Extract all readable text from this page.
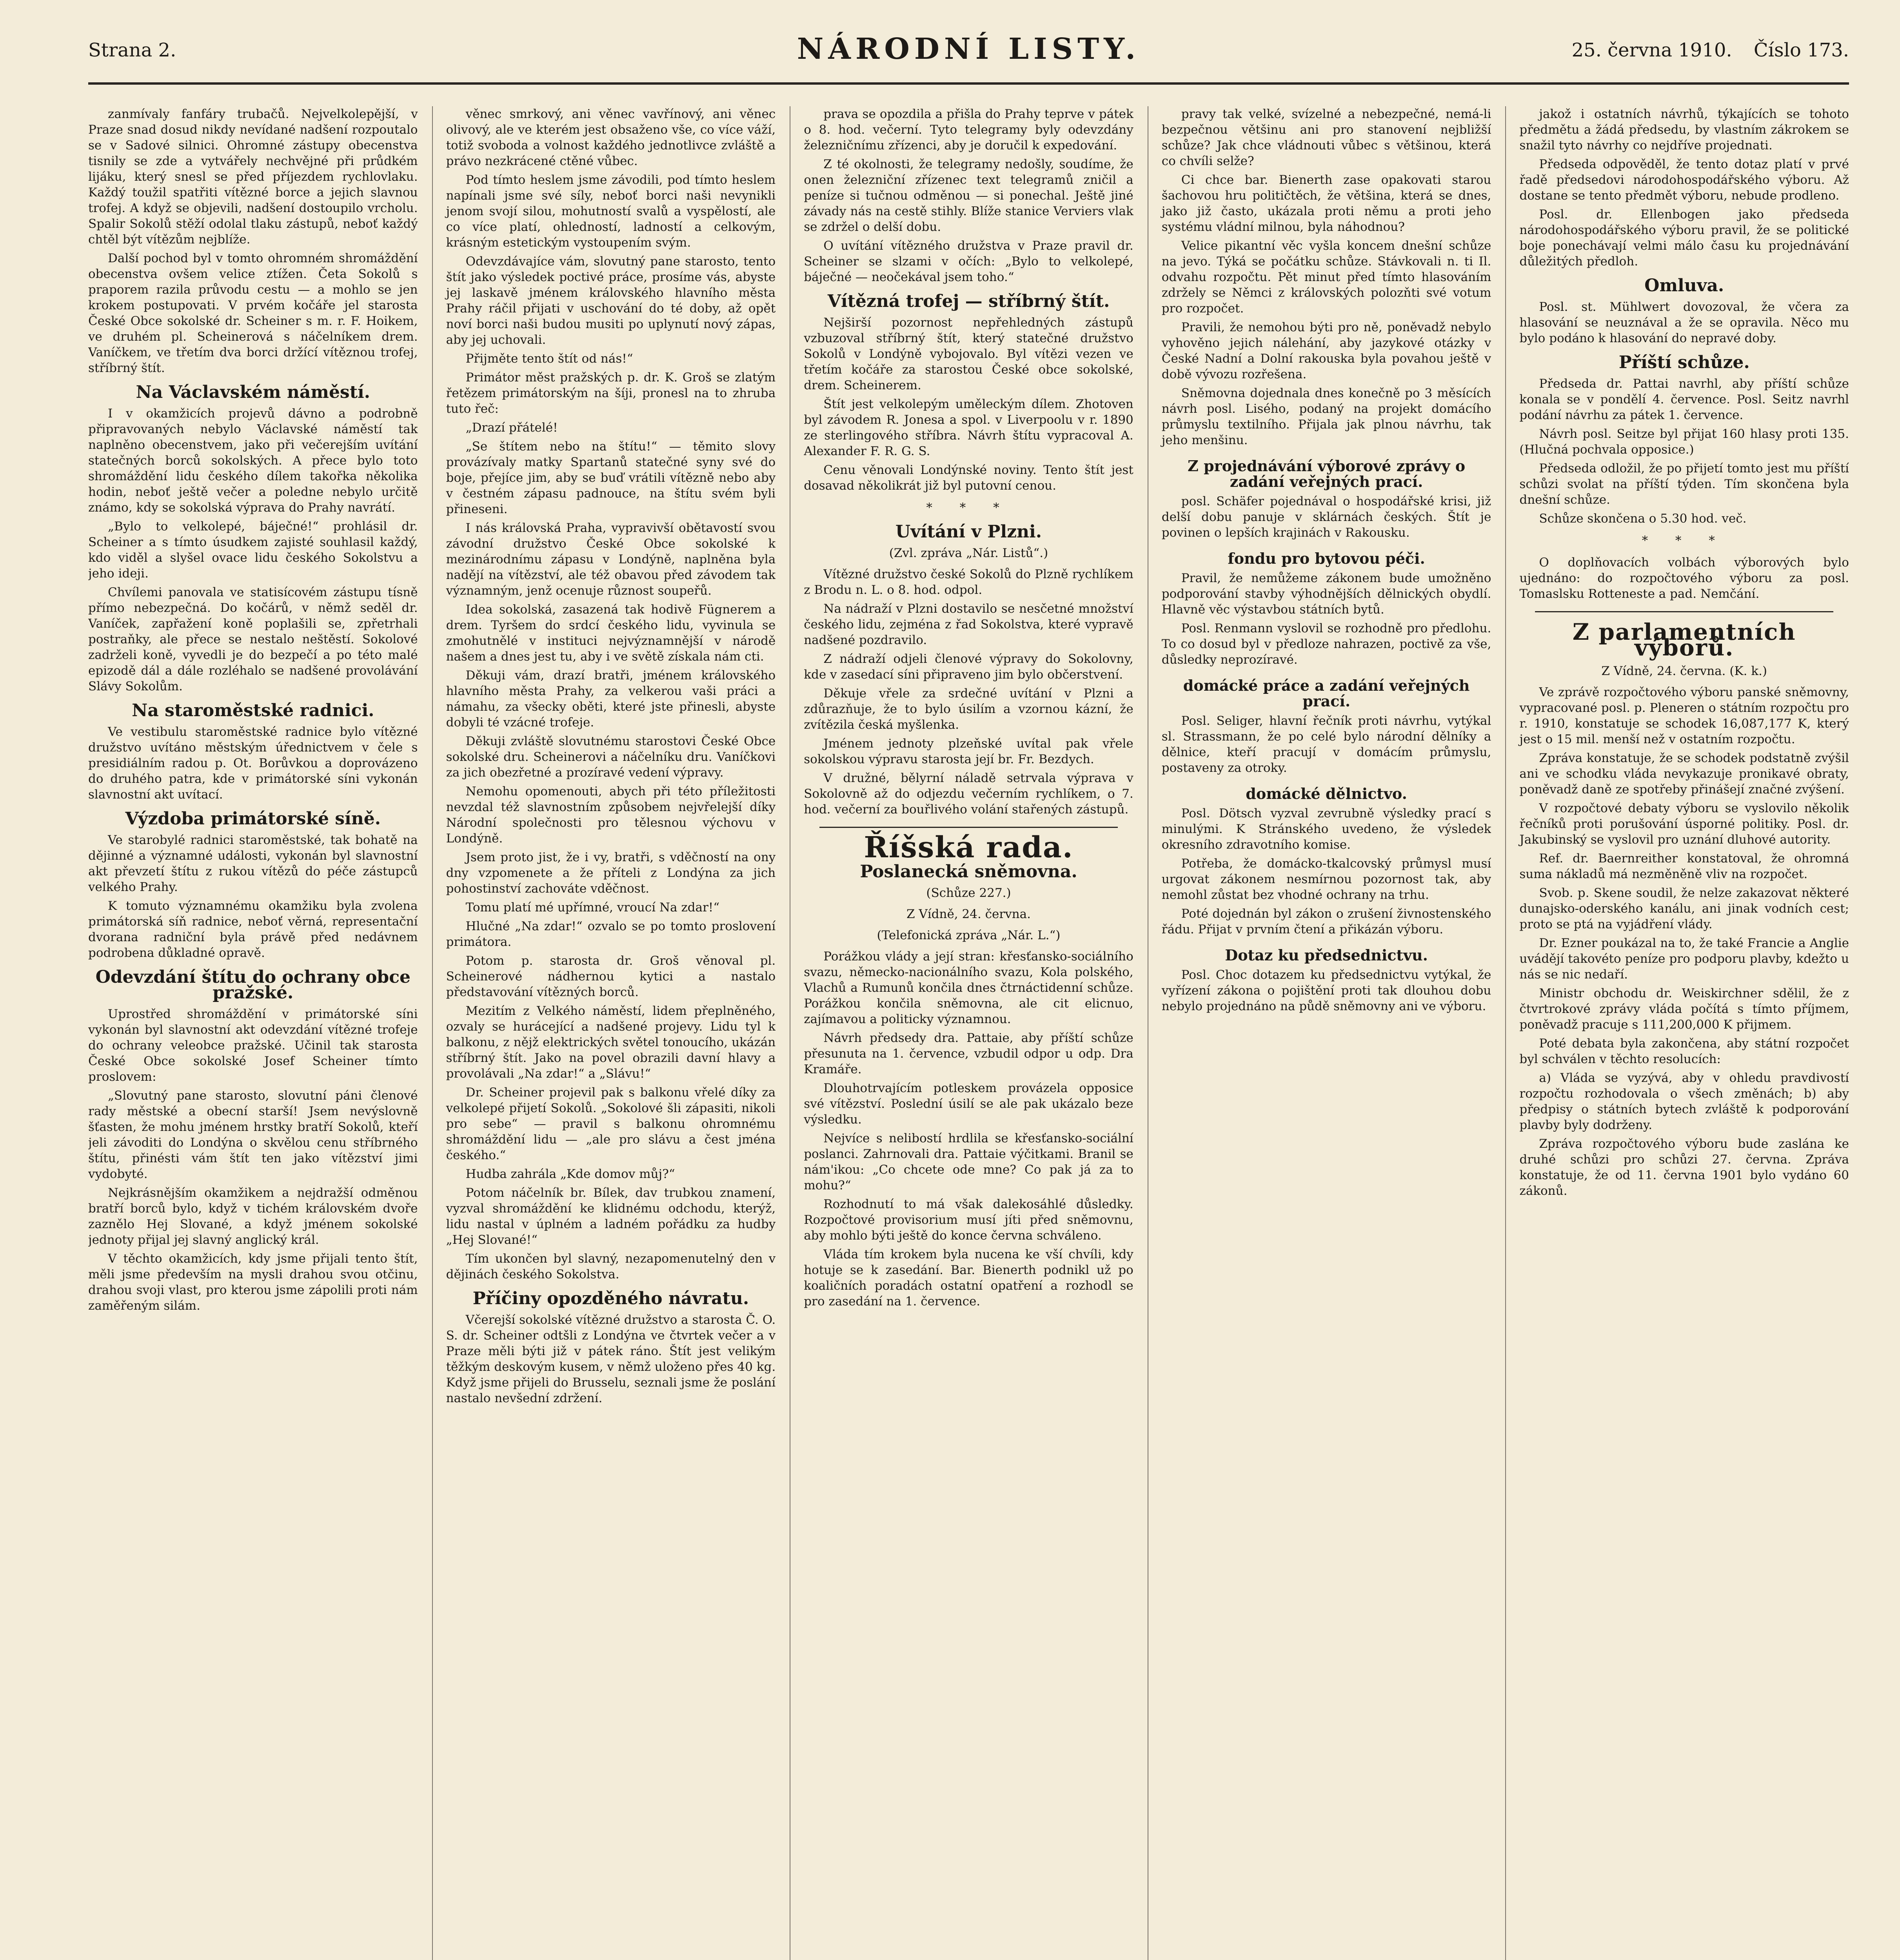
Strana 2.	NÁRODNÍ LISTY.	25. června 1910. Číslo 173.

zanmívaly fanfáry trubačů. Nejvelkolepější, v Praze snad dosud nikdy nevídané nadšení rozpoutalo se v Sadové silnici. Ohromné zástupy obecenstva tisnily se zde a vytvářely nechvějné při průdkém lijáku, který snesl se před příjezdem rychlovlaku. Každý toužil spatřiti vítězné borce a jejich slavnou trofej. A když se objevili, nadšení dostoupilo vrcholu. Spalir Sokolů stěží odolal tlaku zástupů, neboť každý chtěl být vítězům nejblíže.

Další pochod byl v tomto ohromném shromáždění obecenstva ovšem velice ztížen. Četa Sokolů s praporem razila průvodu cestu — a mohlo se jen krokem postupovati. V prvém kočáře jel starosta České Obce sokolské dr. Scheiner s m. r. F. Hoikem, ve druhém pl. Scheinerová s náčelníkem drem. Vaníčkem, ve třetím dva borci držící vítěznou trofej, stříbrný štít.

Na Václavském náměstí.

I v okamžicích projevů dávno a podrobně připravovaných nebylo Václavské náměstí tak naplněno obecenstvem, jako při večerejším uvítání statečných borců sokolských. A přece bylo toto shromáždění lidu českého dílem takořka několika hodin, neboť ještě večer a poledne nebylo určitě známo, kdy se sokolská výprava do Prahy navrátí.

„Bylo to velkolepé, báječné!“ prohlásil dr. Scheiner a s tímto úsudkem zajisté souhlasil každý, kdo viděl a slyšel ovace lidu českého Sokolstvu a jeho ideji.

Chvílemi panovala ve statisícovém zástupu tísně přímo nebezpečná. Do kočárů, v němž seděl dr. Vaníček, zapřažení koně poplašili se, zpřetrhali postraňky, ale přece se nestalo neštěstí. Sokolové zadrželi koně, vyvedli je do bezpečí a po této malé epizodě dál a dále rozléhalo se nadšené provolávání Slávy Sokolům.

Na staroměstské radnici.

Ve vestibulu staroměstské radnice bylo vítězné družstvo uvítáno městským úřednictvem v čele s presidiálním radou p. Ot. Borůvkou a doprovázeno do druhého patra, kde v primátorské síni vykonán slavnostní akt uvítací.

Výzdoba primátorské síně.

Ve starobylé radnici staroměstské, tak bohatě na dějinné a významné události, vykonán byl slavnostní akt převzetí štítu z rukou vítězů do péče zástupců velkého Prahy.

K tomuto významnému okamžiku byla zvolena primátorská síň radnice, neboť věrná, representační dvorana radniční byla právě před nedávnem podrobena důkladné opravě.

Odevzdání štítu do ochrany obce pražské.

Uprostřed shromáždění v primátorské síni vykonán byl slavnostní akt odevzdání vítězné trofeje do ochrany veleobce pražské. Učinil tak starosta České Obce sokolské Josef Scheiner tímto proslovem:

„Slovutný pane starosto, slovutní páni členové rady městské a obecní starší! Jsem nevýslovně šťasten, že mohu jménem hrstky bratří Sokolů, kteří jeli závoditi do Londýna o skvělou cenu stříbrného štítu, přinésti vám štít ten jako vítězství jimi vydobyté.

Nejkrásnějším okamžikem a nejdražší odměnou bratří borců bylo, když v tichém královském dvoře zaznělo Hej Slované, a když jménem sokolské jednoty přijal jej slavný anglický král.

V těchto okamžicích, kdy jsme přijali tento štít, měli jsme především na mysli drahou svou otčinu, drahou svoji vlast, pro kterou jsme zápolili proti nám zaměřeným silám.

věnec smrkový, ani věnec vavřínový, ani věnec olivový, ale ve kterém jest obsaženo vše, co více váží, totiž svoboda a volnost každého jednotlivce zvláště a právo nezkrácené ctěné vůbec.

Pod tímto heslem jsme závodili, pod tímto heslem napínali jsme své síly, neboť borci naši nevynikli jenom svojí silou, mohutností svalů a vyspělostí, ale co více platí, ohledností, ladností a celkovým, krásným estetickým vystoupením svým.

Odevzdávajíce vám, slovutný pane starosto, tento štít jako výsledek poctivé práce, prosíme vás, abyste jej laskavě jménem královského hlavního města Prahy ráčil přijati v uschování do té doby, až opět noví borci naši budou musiti po uplynutí nový zápas, aby jej uchovali.

Přijměte tento štít od nás!“

Primátor měst pražských p. dr. K. Groš se zlatým řetězem primátorským na šíji, pronesl na to zhruba tuto řeč:

„Drazí přátelé!

„Se štítem nebo na štítu!“ — těmito slovy provázívaly matky Spartanů statečné syny své do boje, přejíce jim, aby se buď vrátili vítězně nebo aby v čestném zápasu padnouce, na štítu svém byli přineseni.

I nás královská Praha, vypravivší obětavostí svou závodní družstvo České Obce sokolské k mezinárodnímu zápasu v Londýně, naplněna byla nadějí na vítězství, ale též obavou před závodem tak významným, jenž ocenuje různost soupeřů.

Idea sokolská, zasazená tak hodivě Fügnerem a drem. Tyršem do srdcí českého lidu, vyvinula se zmohutnělé v instituci nejvýznamnější v národě našem a dnes jest tu, aby i ve světě získala nám cti.

Děkuji vám, drazí bratři, jménem královského hlavního města Prahy, za velkerou vaši práci a námahu, za všecky oběti, které jste přinesli, abyste dobyli té vzácné trofeje.

Děkuji zvláště slovutnému starostovi České Obce sokolské dru. Scheinerovi a náčelníku dru. Vaníčkovi za jich obezřetné a prozíravé vedení výpravy.

Nemohu opomenouti, abych při této příležitosti nevzdal též slavnostním způsobem nejvřelejší díky Národní společnosti pro tělesnou výchovu v Londýně.

Jsem proto jist, že i vy, bratři, s vděčností na ony dny vzpomenete a že příteli z Londýna za jich pohostinství zachováte vděčnost.

Tomu platí mé upřímné, vroucí Na zdar!“

Hlučné „Na zdar!“ ozvalo se po tomto proslovení primátora.

Potom p. starosta dr. Groš věnoval pl. Scheinerové nádhernou kytici a nastalo představování vítězných borců.

Mezitím z Velkého náměstí, lidem přeplněného, ozvaly se hurácející a nadšené projevy. Lidu tyl k balkonu, z nějž elektrických světel tonoucího, ukázán stříbrný štít. Jako na povel obrazili davní hlavy a provolávali „Na zdar!“ a „Slávu!“

Dr. Scheiner projevil pak s balkonu vřelé díky za velkolepé přijetí Sokolů. „Sokolové šli zápasiti, nikoli pro sebe“ — pravil s balkonu ohromnému shromáždění lidu — „ale pro slávu a čest jména českého.“

Hudba zahrála „Kde domov můj?“

Potom náčelník br. Bílek, dav trubkou znamení, vyzval shromáždění ke klidnému odchodu, kterýž, lidu nastal v úplném a ladném pořádku za hudby „Hej Slované!“

Tím ukončen byl slavný, nezapomenutelný den v dějinách českého Sokolstva.

Příčiny opozděného návratu.

Včerejší sokolské vítězné družstvo a starosta Č. O. S. dr. Scheiner odtšli z Londýna ve čtvrtek večer a v Praze měli býti již v pátek ráno. Štít jest velikým těžkým deskovým kusem, v němž uloženo přes 40 kg. Když jsme přijeli do Brusselu, seznali jsme že poslání nastalo nevšední zdržení.

prava se opozdila a přišla do Prahy teprve v pátek o 8. hod. večerní. Tyto telegramy byly odevzdány železničnímu zřízenci, aby je doručil k expedování.

Z té okolnosti, že telegramy nedošly, soudíme, že onen železniční zřízenec text telegramů zničil a peníze si tučnou odměnou — si ponechal. Ještě jiné závady nás na cestě stihly. Blíže stanice Verviers vlak se zdržel o delší dobu.

O uvítání vítězného družstva v Praze pravil dr. Scheiner se slzami v očích: „Bylo to velkolepé, báječné — neočekával jsem toho.“

Vítězná trofej — stříbrný štít.

Nejširší pozornost nepřehledných zástupů vzbuzoval stříbrný štít, který statečné družstvo Sokolů v Londýně vybojovalo. Byl vítězi vezen ve třetím kočáře za starostou České obce sokolské, drem. Scheinerem.

Štít jest velkolepým uměleckým dílem. Zhotoven byl závodem R. Jonesa a spol. v Liverpoolu v r. 1890 ze sterlingového stříbra. Návrh štítu vypracoval A. Alexander F. R. G. S.

Cenu věnovali Londýnské noviny. Tento štít jest dosavad několikrát již byl putovní cenou.

* * *
Uvítání v Plzni.
(Zvl. zpráva „Nár. Listů“.)

Vítězné družstvo české Sokolů do Plzně rychlíkem z Brodu n. L. o 8. hod. odpol.

Na nádraží v Plzni dostavilo se nesčetné množství českého lidu, zejména z řad Sokolstva, které vypravě nadšené pozdravilo.

Z nádraží odjeli členové výpravy do Sokolovny, kde v zasedací síni připraveno jim bylo občerstvení.

Děkuje vřele za srdečné uvítání v Plzni a zdůrazňuje, že to bylo úsilím a vzornou kázní, že zvítězila česká myšlenka.

Jménem jednoty plzeňské uvítal pak vřele sokolskou výpravu starosta její br. Fr. Bezdych.

V družné, bělyrní náladě setrvala výprava v Sokolovně až do odjezdu večerním rychlíkem, o 7. hod. večerní za bouřlivého volání stařených zástupů.

Říšská rada.
Poslanecká sněmovna.
(Schůze 227.)
Z Vídně, 24. června.
(Telefonická zpráva „Nár. L.“)

Porážkou vlády a její stran: křesťansko-sociálního svazu, německo-nacionálního svazu, Kola polského, Vlachů a Rumunů končila dnes čtrnáctidenní schůze. Porážkou končila sněmovna, ale cit elicnuo, zajímavou a politicky významnou.

Návrh předsedy dra. Pattaie, aby příští schůze přesunuta na 1. července, vzbudil odpor u odp. Dra Kramáře.

Dlouhotrvajícím potleskem provázela opposice své vítězství. Poslední úsilí se ale pak ukázalo beze výsledku.

Nejvíce s nelibostí hrdlila se křesťansko-sociální poslanci. Zahrnovali dra. Pattaie výčitkami. Branil se nám'ikou: „Co chcete ode mne? Co pak já za to mohu?“

Rozhodnutí to má však dalekosáhlé důsledky. Rozpočtové provisorium musí jíti před sněmovnu, aby mohlo býti ještě do konce června schváleno.

Vláda tím krokem byla nucena ke vší chvíli, kdy hotuje se k zasedání. Bar. Bienerth podnikl už po koaličních poradách ostatní opatření a rozhodl se pro zasedání na 1. července.

pravy tak velké, svízelné a nebezpečné, nemá-li bezpečnou většinu ani pro stanovení nejbližší schůze? Jak chce vládnouti vůbec s většinou, která co chvíli selže?

Ci chce bar. Bienerth zase opakovati starou šachovou hru političtěch, že většina, která se dnes, jako již často, ukázala proti němu a proti jeho systému vládní milnou, byla náhodnou?

Velice pikantní věc vyšla koncem dnešní schůze na jevo. Týká se počátku schůze. Stávkovali n. ti Il. odvahu rozpočtu. Pět minut před tímto hlasováním zdržely se Němci z královských polozňti své votum pro rozpočet.

Pravili, že nemohou býti pro ně, poněvadž nebylo vyhověno jejich nálehání, aby jazykové otázky v České Nadní a Dolní rakouska byla povahou ještě v době vývozu rozřešena.

Sněmovna dojednala dnes konečně po 3 měsících návrh posl. Lisého, podaný na projekt domácího průmyslu textilního. Přijala jak plnou návrhu, tak jeho menšinu.

Z projednávání výborové zprávy o zadání veřejných prací.

posl. Schäfer pojednával o hospodářské krisi, již delší dobu panuje v sklárnách českých. Štít je povinen o lepších krajinách v Rakousku.

fondu pro bytovou péči.

Pravil, že nemůžeme zákonem bude umožněno podporování stavby výhodnějších dělnických obydlí. Hlavně věc výstavbou státních bytů.

Posl. Renmann vyslovil se rozhodně pro předlohu. To co dosud byl v předloze nahrazen, poctivě za vše, důsledky neprozíravé.

domácké práce a zadání veřejných prací.

Posl. Seliger, hlavní řečník proti návrhu, vytýkal sl. Strassmann, že po celé bylo národní dělníky a dělnice, kteří pracují v domácím průmyslu, postaveny za otroky.

domácké dělnictvo.

Posl. Dötsch vyzval zevrubně výsledky prací s minulými. K Stránského uvedeno, že výsledek okresního zdravotního komise.

Potřeba, že domácko-tkalcovský průmysl musí urgovat zákonem nesmírnou pozornost tak, aby nemohl zůstat bez vhodné ochrany na trhu.

Poté dojednán byl zákon o zrušení živnostenského řádu. Přijat v prvním čtení a přikázán výboru.

Dotaz ku předsednictvu.

Posl. Choc dotazem ku předsednictvu vytýkal, že vyřízení zákona o pojištění proti tak dlouhou dobu nebylo projednáno na půdě sněmovny ani ve výboru.

jakož i ostatních návrhů, týkajících se tohoto předmětu a žádá předsedu, by vlastním zákrokem se snažil tyto návrhy co nejdříve projednati.

Předseda odpověděl, že tento dotaz platí v prvé řadě předsedovi národohospodářského výboru. Až dostane se tento předmět výboru, nebude prodleno.

Posl. dr. Ellenbogen jako předseda národohospodářského výboru pravil, že se politické boje ponechávají velmi málo času ku projednávání důležitých předloh.

Omluva.

Posl. st. Mühlwert dovozoval, že včera za hlasování se neuznával a že se opravila. Něco mu bylo podáno k hlasování do nepravé doby.

Příští schůze.

Předseda dr. Pattai navrhl, aby příští schůze konala se v pondělí 4. července. Posl. Seitz navrhl podání návrhu za pátek 1. července.

Návrh posl. Seitze byl přijat 160 hlasy proti 135. (Hlučná pochvala opposice.)

Předseda odložil, že po přijetí tomto jest mu příští schůzi svolat na příští týden. Tím skončena byla dnešní schůze.

Schůze skončena o 5.30 hod. več.

* * *

O doplňovacích volbách výborových bylo ujednáno: do rozpočtového výboru za posl. Tomaslsku Rotteneste a pad. Nemčání.

Z parlamentních výborů.
Z Vídně, 24. června. (K. k.)

Ve zprávě rozpočtového výboru panské sněmovny, vypracované posl. p. Pleneren o státním rozpočtu pro r. 1910, konstatuje se schodek 16,087,177 K, který jest o 15 mil. menší než v ostatním rozpočtu.

Zpráva konstatuje, že se schodek podstatně zvýšil ani ve schodku vláda nevykazuje pronikavé obraty, poněvadž daně ze spotřeby přinášejí značné zvýšení.

V rozpočtové debaty výboru se vyslovilo několik řečníků proti porušování úsporné politiky. Posl. dr. Jakubinský se vyslovil pro uznání dluhové autority.

Ref. dr. Baernreither konstatoval, že ohromná suma nákladů má nezměněně vliv na rozpočet.

Svob. p. Skene soudil, že nelze zakazovat některé dunajsko-oderského kanálu, ani jinak vodních cest; proto se ptá na vyjádření vlády.

Dr. Ezner poukázal na to, že také Francie a Anglie uvádějí takovéto peníze pro podporu plavby, kdežto u nás se nic nedaří.

Ministr obchodu dr. Weiskirchner sdělil, že z čtvrtrokové zprávy vláda počítá s tímto příjmem, poněvadž pracuje s 111,200,000 K přijmem.

Poté debata byla zakončena, aby státní rozpočet byl schválen v těchto resolucích:

a) Vláda se vyzývá, aby v ohledu pravdivostí rozpočtu rozhodovala o všech změnách; b) aby předpisy o státních bytech zvláště k podporování plavby byly dodrženy.

Zpráva rozpočtového výboru bude zaslána ke druhé schůzi pro schůzi 27. června. Zpráva konstatuje, že od 11. června 1901 bylo vydáno 60 zákonů.
